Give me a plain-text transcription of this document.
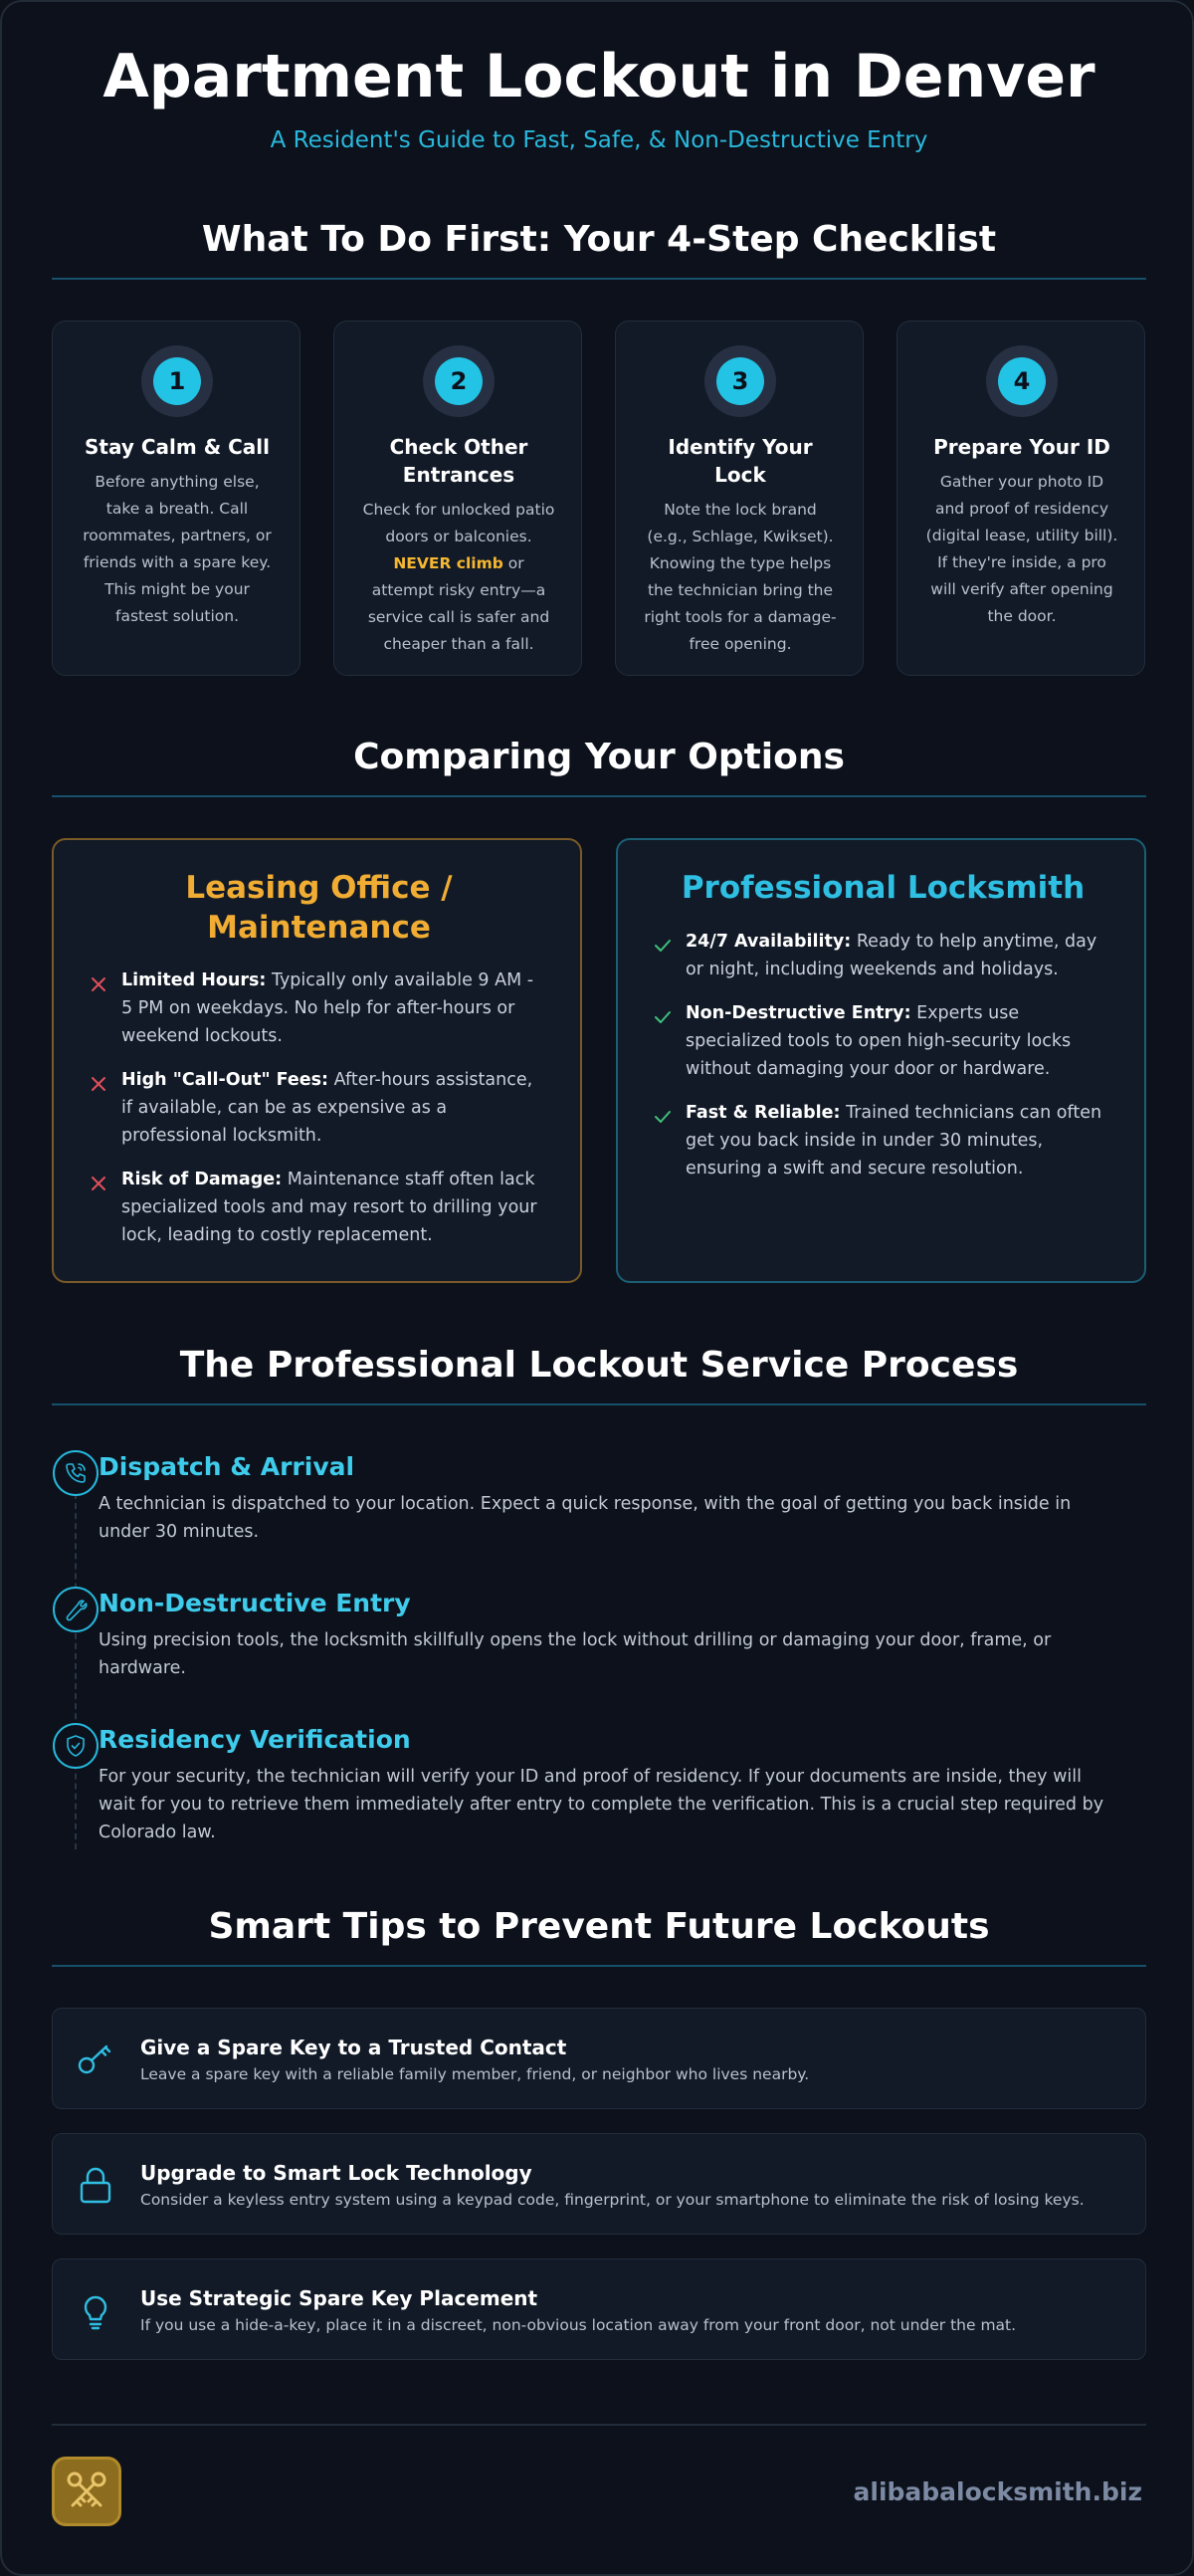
Apartment Lockout in Denver
A Resident's Guide to Fast, Safe, & Non-Destructive Entry
What To Do First: Your 4-Step Checklist
1
Stay Calm & Call
Before anything else,
take a breath. Call
roommates, partners, or
friends with a spare key.
This might be your
fastest solution.
2
Check Other
Entrances
Check for unlocked patio
doors or balconies.
NEVER climb or
attempt risky entry—a
service call is safer and
cheaper than a fall.
3
Identify Your
Lock
Note the lock brand
(e.g., Schlage, Kwikset).
Knowing the type helps
the technician bring the
right tools for a damage-
free opening.
4
Prepare Your ID
Gather your photo ID
and proof of residency
(digital lease, utility bill).
If they're inside, a pro
will verify after opening
the door.
Comparing Your Options
Leasing Office /
Maintenance
Limited Hours: Typically only available 9 AM -
5 PM on weekdays. No help for after-hours or
weekend lockouts.
High "Call-Out" Fees: After-hours assistance,
if available, can be as expensive as a
professional locksmith.
Risk of Damage: Maintenance staff often lack
specialized tools and may resort to drilling your
lock, leading to costly replacement.
Professional Locksmith
24/7 Availability: Ready to help anytime, day
or night, including weekends and holidays.
Non-Destructive Entry: Experts use
specialized tools to open high-security locks
without damaging your door or hardware.
Fast & Reliable: Trained technicians can often
get you back inside in under 30 minutes,
ensuring a swift and secure resolution.
The Professional Lockout Service Process
Dispatch & Arrival
A technician is dispatched to your location. Expect a quick response, with the goal of getting you back inside in
under 30 minutes.
Non-Destructive Entry
Using precision tools, the locksmith skillfully opens the lock without drilling or damaging your door, frame, or
hardware.
Residency Verification
For your security, the technician will verify your ID and proof of residency. If your documents are inside, they will
wait for you to retrieve them immediately after entry to complete the verification. This is a crucial step required by
Colorado law.
Smart Tips to Prevent Future Lockouts
Give a Spare Key to a Trusted Contact
Leave a spare key with a reliable family member, friend, or neighbor who lives nearby.
Upgrade to Smart Lock Technology
Consider a keyless entry system using a keypad code, fingerprint, or your smartphone to eliminate the risk of losing keys.
Use Strategic Spare Key Placement
If you use a hide-a-key, place it in a discreet, non-obvious location away from your front door, not under the mat.
alibabalocksmith.biz
